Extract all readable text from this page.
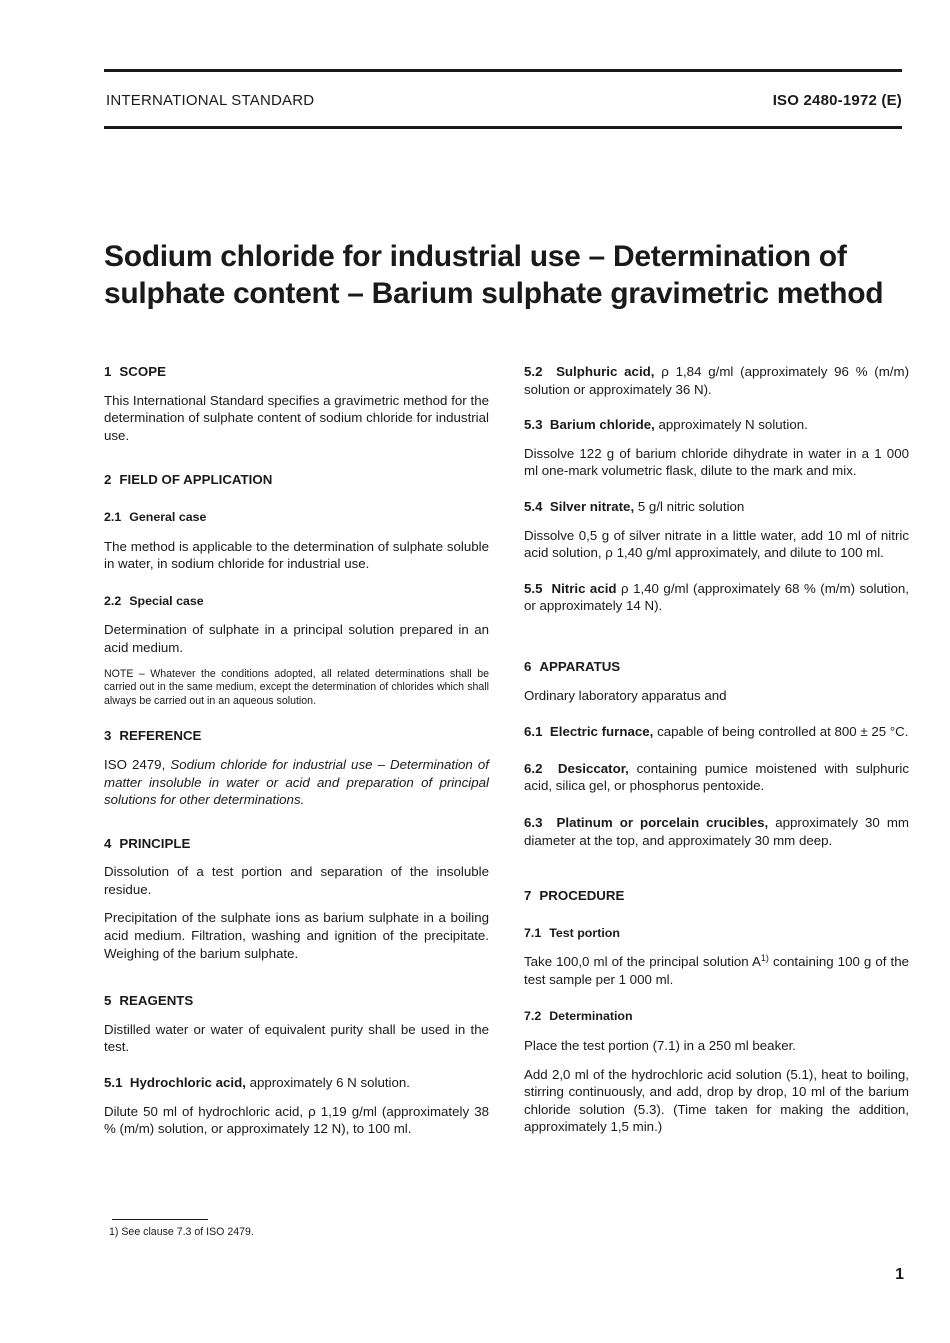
INTERNATIONAL STANDARD	ISO 2480-1972 (E)
Sodium chloride for industrial use – Determination of
sulphate content – Barium sulphate gravimetric method
1 SCOPE

This International Standard specifies a gravimetric method for the determination of sulphate content of sodium chloride for industrial use.

2 FIELD OF APPLICATION
2.1 General case

The method is applicable to the determination of sulphate soluble in water, in sodium chloride for industrial use.

2.2 Special case

Determination of sulphate in a principal solution prepared in an acid medium.

NOTE – Whatever the conditions adopted, all related determinations shall be carried out in the same medium, except the determination of chlorides which shall always be carried out in an aqueous solution.

3 REFERENCE

ISO 2479, Sodium chloride for industrial use – Determination of matter insoluble in water or acid and preparation of principal solutions for other determinations.

4 PRINCIPLE

Dissolution of a test portion and separation of the insoluble residue.

Precipitation of the sulphate ions as barium sulphate in a boiling acid medium. Filtration, washing and ignition of the precipitate. Weighing of the barium sulphate.

5 REAGENTS

Distilled water or water of equivalent purity shall be used in the test.

5.1 Hydrochloric acid, approximately 6 N solution.

Dilute 50 ml of hydrochloric acid, ρ 1,19 g/ml (approximately 38 % (m/m) solution, or approximately 12 N), to 100 ml.

5.2 Sulphuric acid, ρ 1,84 g/ml (approximately 96 % (m/m) solution or approximately 36 N).

5.3 Barium chloride, approximately N solution.

Dissolve 122 g of barium chloride dihydrate in water in a 1 000 ml one-mark volumetric flask, dilute to the mark and mix.

5.4 Silver nitrate, 5 g/l nitric solution

Dissolve 0,5 g of silver nitrate in a little water, add 10 ml of nitric acid solution, ρ 1,40 g/ml approximately, and dilute to 100 ml.

5.5 Nitric acid ρ 1,40 g/ml (approximately 68 % (m/m) solution, or approximately 14 N).

6 APPARATUS

Ordinary laboratory apparatus and

6.1 Electric furnace, capable of being controlled at 800 ± 25 °C.

6.2 Desiccator, containing pumice moistened with sulphuric acid, silica gel, or phosphorus pentoxide.

6.3 Platinum or porcelain crucibles, approximately 30 mm diameter at the top, and approximately 30 mm deep.

7 PROCEDURE
7.1 Test portion

Take 100,0 ml of the principal solution $A^{1)}$ containing 100 g of the test sample per 1 000 ml.

7.2 Determination

Place the test portion (7.1) in a 250 ml beaker.

Add 2,0 ml of the hydrochloric acid solution (5.1), heat to boiling, stirring continuously, and add, drop by drop, 10 ml of the barium chloride solution (5.3). (Time taken for making the addition, approximately 1,5 min.)

1) See clause 7.3 of ISO 2479.
1
